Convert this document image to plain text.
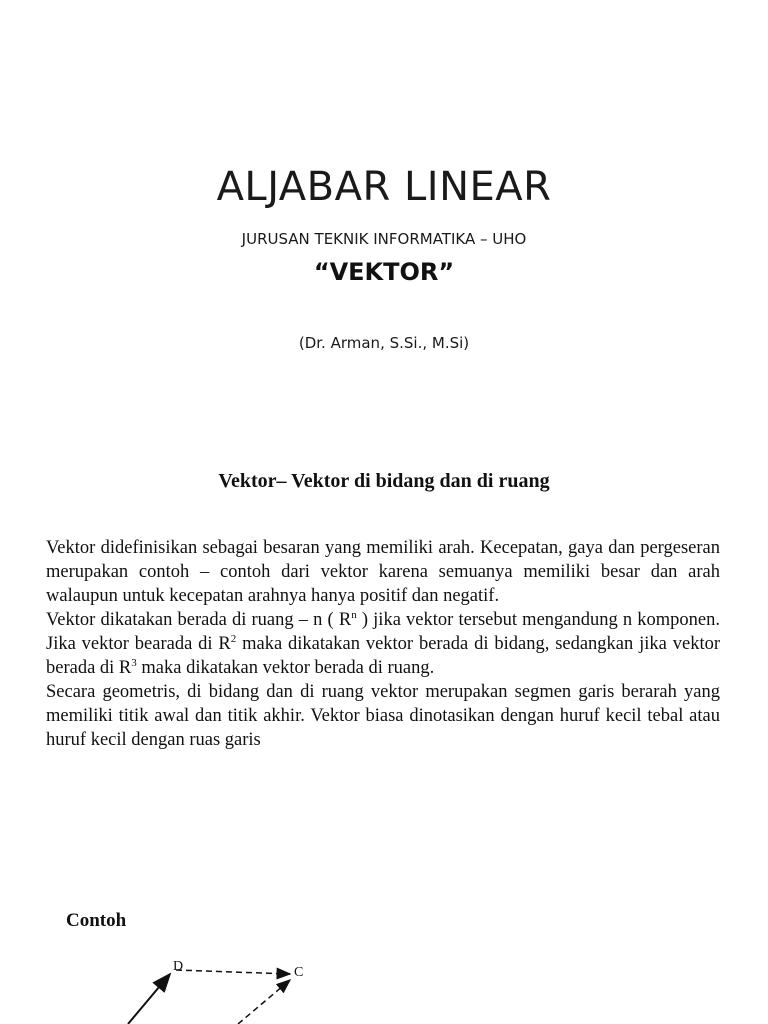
ALJABAR LINEAR
JURUSAN TEKNIK INFORMATIKA – UHO
“VEKTOR”
(Dr. Arman, S.Si., M.Si)
Vektor– Vektor di bidang dan di ruang

Vektor didefinisikan sebagai besaran yang memiliki arah. Kecepatan, gaya dan pergeseran merupakan contoh – contoh dari vektor karena semuanya memiliki besar dan arah walaupun untuk kecepatan arahnya hanya positif dan negatif.

Vektor dikatakan berada di ruang – n ( $R^n$ ) jika vektor tersebut mengandung n komponen. Jika vektor bearada di $R^2$ maka dikatakan vektor berada di bidang, sedangkan jika vektor berada di $R^3$ maka dikatakan vektor berada di ruang.

Secara geometris, di bidang dan di ruang vektor merupakan segmen garis berarah yang memiliki titik awal dan titik akhir. Vektor biasa dinotasikan dengan huruf kecil tebal atau huruf kecil dengan ruas garis

Contoh
D	C
